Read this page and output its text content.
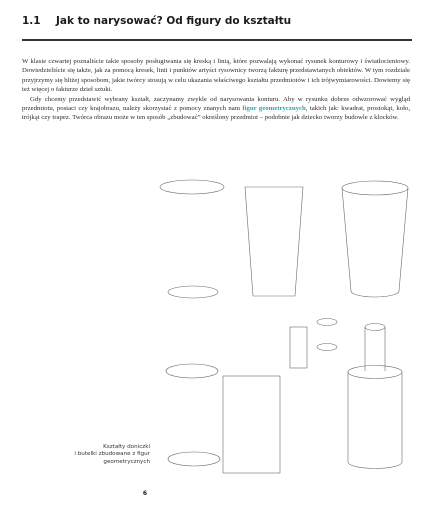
1.1 Jak to narysować? Od figury do kształtu

W klasie czwartej poznaliście takie sposoby posługiwania się kreską i linią, które pozwalają wykonać rysunek konturowy i światłocieniowy. Dowiedzieliście się także, jak za pomocą kresek, linii i punktów artyści rysownicy tworzą fakturę przedstawianych obiektów. W tym rozdziale przyjrzymy się bliżej sposobom, jakie twórcy stosują w celu ukazania właściwego kształtu przedmiotów i ich trójwymiarowości. Dowiemy się też więcej o fakturze dzieł sztuki.

Gdy chcemy przedstawić wybrany kształt, zaczynamy zwykle od narysowania konturu. Aby w rysunku dobrze odwzorować wygląd przedmiotu, postaci czy krajobrazu, należy skorzystać z pomocy znanych nam figur geometrycznych, takich jak: kwadrat, prostokąt, koło, trójkąt czy trapez. Twórca obrazu może w ten sposób „zbudować” określony przedmiot – podobnie jak dziecko tworzy budowle z klocków.

Kształty doniczki
i butelki zbudowane z figur
geometrycznych
6
